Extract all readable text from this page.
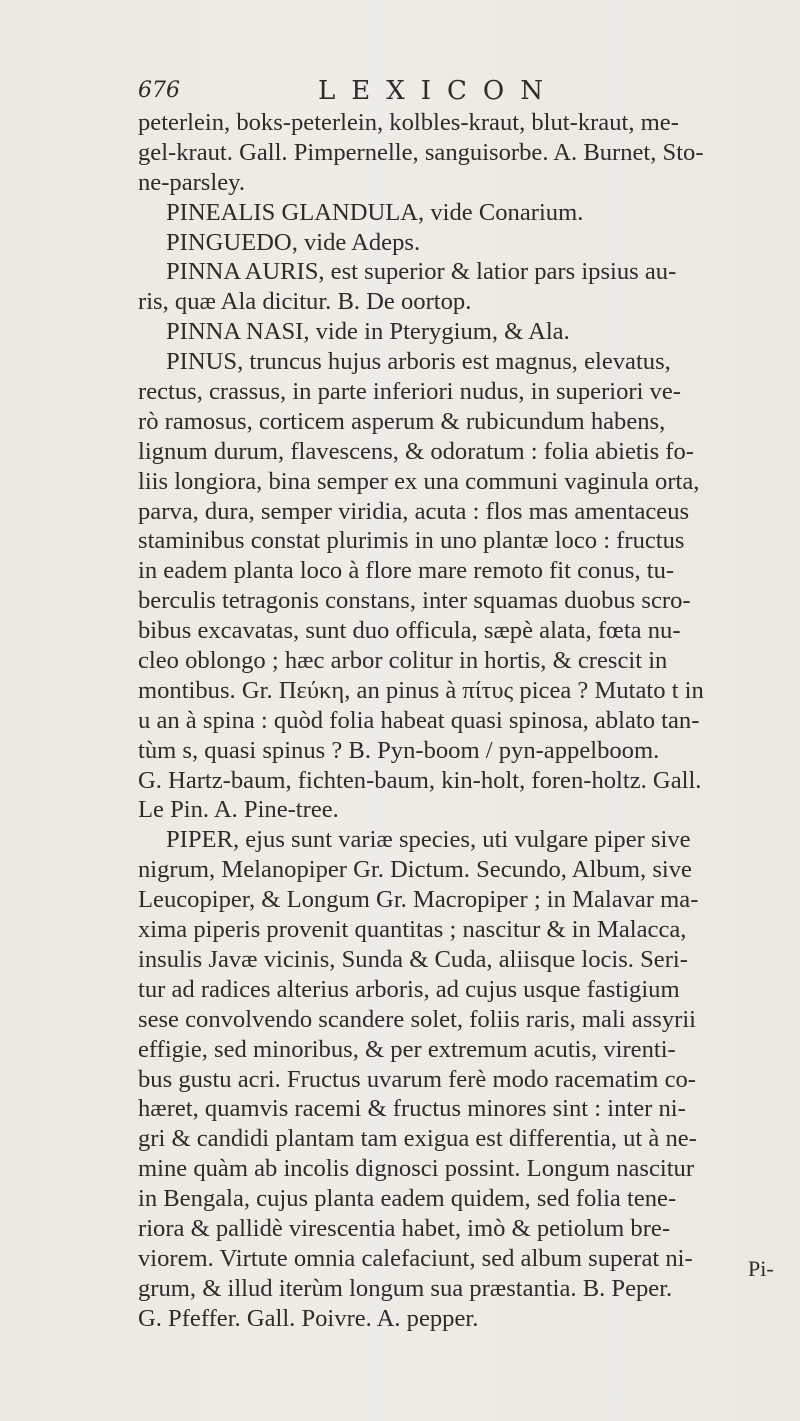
676	LEXICON
peterlein, boks-peterlein, kolbles-kraut, blut-kraut, me-
gel-kraut. Gall. Pimpernelle, sanguisorbe. A. Burnet, Sto-
ne-parsley.
PINEALIS GLANDULA, vide Conarium.
PINGUEDO, vide Adeps.
PINNA AURIS, est superior & latior pars ipsius au-
ris, quæ Ala dicitur. B. De oortop.
PINNA NASI, vide in Pterygium, & Ala.
PINUS, truncus hujus arboris est magnus, elevatus,
rectus, crassus, in parte inferiori nudus, in superiori ve-
rò ramosus, corticem asperum & rubicundum habens,
lignum durum, flavescens, & odoratum : folia abietis fo-
liis longiora, bina semper ex una communi vaginula orta,
parva, dura, semper viridia, acuta : flos mas amentaceus
staminibus constat plurimis in uno plantæ loco : fructus
in eadem planta loco à flore mare remoto fit conus, tu-
berculis tetragonis constans, inter squamas duobus scro-
bibus excavatas, sunt duo officula, sæpè alata, fœta nu-
cleo oblongo ; hæc arbor colitur in hortis, & crescit in
montibus. Gr. Πεύκη, an pinus à πίτυς picea ? Mutato t in
u an à spina : quòd folia habeat quasi spinosa, ablato tan-
tùm s, quasi spinus ? B. Pyn-boom / pyn-appelboom.
G. Hartz-baum, fichten-baum, kin-holt, foren-holtz. Gall.
Le Pin. A. Pine-tree.
PIPER, ejus sunt variæ species, uti vulgare piper sive
nigrum, Melanopiper Gr. Dictum. Secundo, Album, sive
Leucopiper, & Longum Gr. Macropiper ; in Malavar ma-
xima piperis provenit quantitas ; nascitur & in Malacca,
insulis Javæ vicinis, Sunda & Cuda, aliisque locis. Seri-
tur ad radices alterius arboris, ad cujus usque fastigium
sese convolvendo scandere solet, foliis raris, mali assyrii
effigie, sed minoribus, & per extremum acutis, virenti-
bus gustu acri. Fructus uvarum ferè modo racematim co-
hæret, quamvis racemi & fructus minores sint : inter ni-
gri & candidi plantam tam exigua est differentia, ut à ne-
mine quàm ab incolis dignosci possint. Longum nascitur
in Bengala, cujus planta eadem quidem, sed folia tene-
riora & pallidè virescentia habet, imò & petiolum bre-
viorem. Virtute omnia calefaciunt, sed album superat ni-
grum, & illud iterùm longum sua præstantia. B. Peper.
G. Pfeffer. Gall. Poivre. A. pepper.
Pi-
